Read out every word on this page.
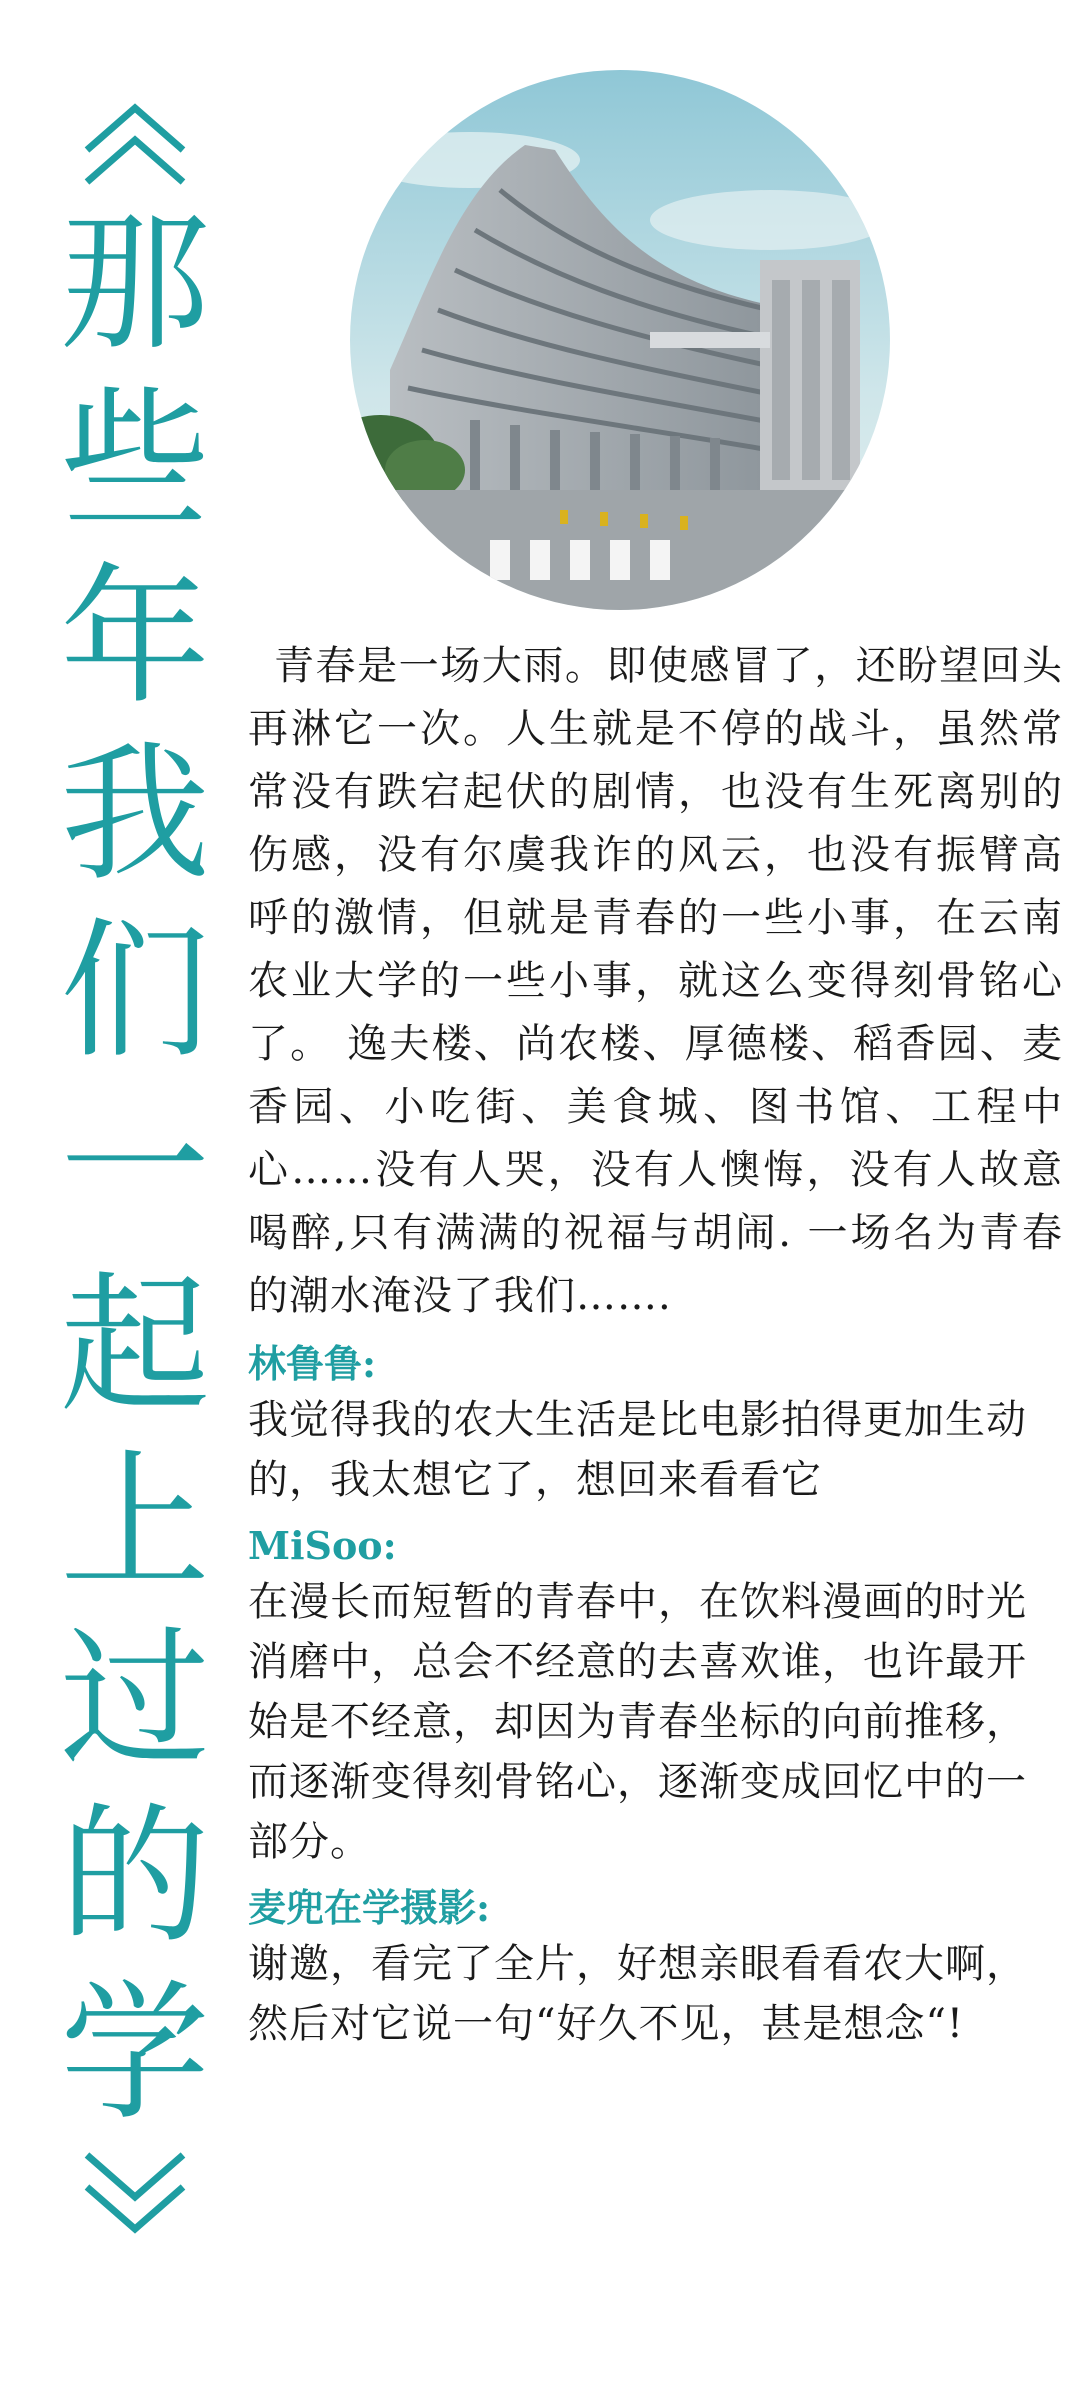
那
些
年
我
们
一
起
上
过
的
学

青春是一场大雨。即使感冒了，还盼望回头再淋它一次。人生就是不停的战斗，虽然常常没有跌宕起伏的剧情，也没有生死离别的伤感，没有尔虞我诈的风云，也没有振臂高呼的激情，但就是青春的一些小事，在云南农业大学的一些小事，就这么变得刻骨铭心了。 逸夫楼、尚农楼、厚德楼、稻香园、麦香园、小吃街、美食城、图书馆、工程中心……没有人哭，没有人懊悔，没有人故意喝醉,只有满满的祝福与胡闹. 一场名为青春的潮水淹没了我们…….

林鲁鲁:

我觉得我的农大生活是比电影拍得更加生动的，我太想它了，想回来看看它

MiSoo:

在漫长而短暂的青春中，在饮料漫画的时光消磨中，总会不经意的去喜欢谁，也许最开始是不经意，却因为青春坐标的向前推移，而逐渐变得刻骨铭心，逐渐变成回忆中的一部分。

麦兜在学摄影:

谢邀，看完了全片，好想亲眼看看农大啊，然后对它说一句“好久不见，甚是想念“!
